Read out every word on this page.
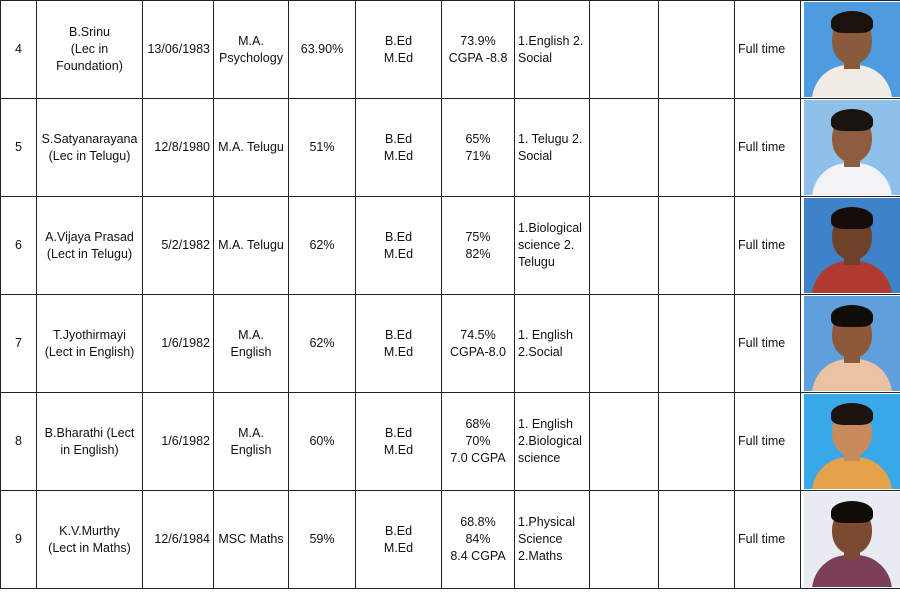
4	B.Srinu
(Lec in
Foundation)	13/06/1983	M.A.
Psychology	63.90%	B.Ed
M.Ed	73.9%
CGPA -8.8	1.English 2.
Social			Full time	

5	S.Satyanarayana
(Lec in Telugu)	12/8/1980	M.A. Telugu	51%	B.Ed
M.Ed	65%
71%	1. Telugu 2.
Social			Full time	

6	A.Vijaya Prasad
(Lect in Telugu)	5/2/1982	M.A. Telugu	62%	B.Ed
M.Ed	75%
82%	1.Biological
science 2.
Telugu			Full time	

7	T.Jyothirmayi
(Lect in English)	1/6/1982	M.A. English	62%	B.Ed
M.Ed	74.5%
CGPA-8.0	1. English
2.Social			Full time	

8	B.Bharathi (Lect
in English)	1/6/1982	M.A. English	60%	B.Ed
M.Ed	68%
70%
7.0 CGPA	1. English
2.Biological
science			Full time	

9	K.V.Murthy
(Lect in Maths)	12/6/1984	MSC Maths	59%	B.Ed
M.Ed	68.8%
84%
8.4 CGPA	1.Physical
Science
2.Maths			Full time	
